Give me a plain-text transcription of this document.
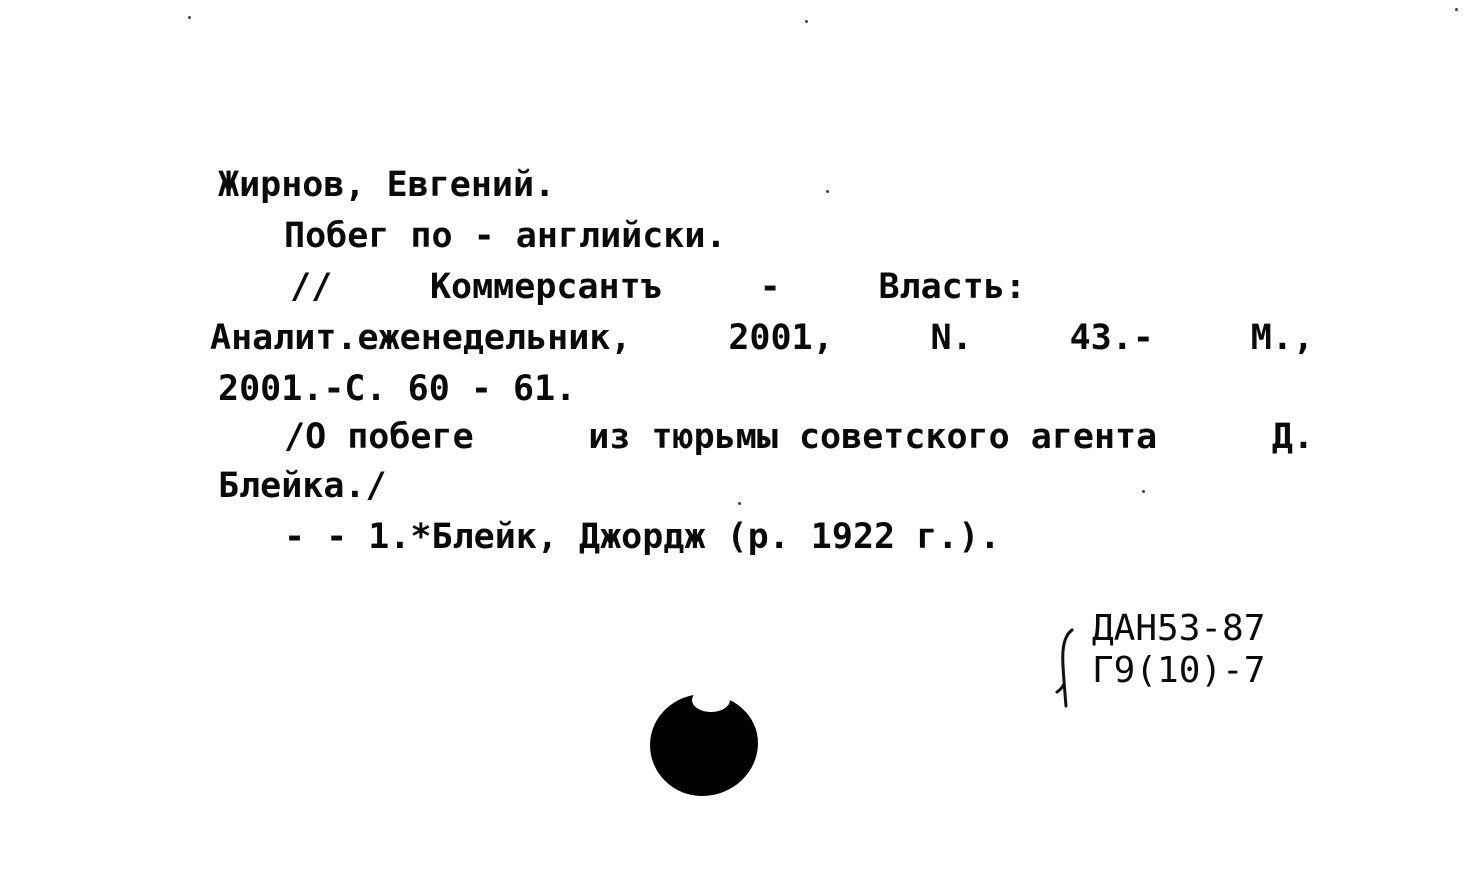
Жирнов, Евгений.
Побег по - английски.
//	Коммерсантъ	-	Власть:
Аналит.еженедельник,	2001,	N.	43.-	М.,
2001.-С. 60 - 61.
/О побеге	из тюрьмы советского агента	Д.
Блейка./
- - 1.*Блейк, Джордж (р. 1922 г.).
ДАН53-87
Г9(10)-7
